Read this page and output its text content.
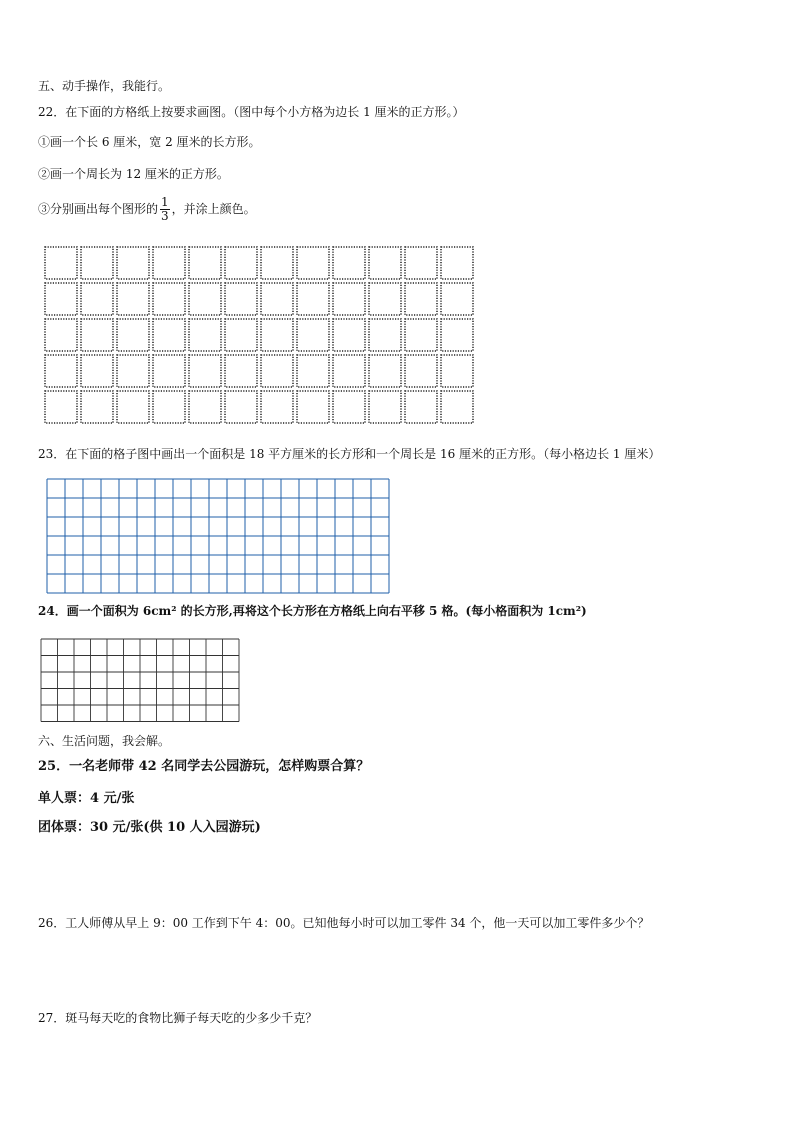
五、动手操作，我能行。
22．在下面的方格纸上按要求画图。（图中每个小方格为边长 1 厘米的正方形。）
①画一个长 6 厘米，宽 2 厘米的长方形。
②画一个周长为 12 厘米的正方形。
③分别画出每个图形的 $\frac{1}{3}$ ，并涂上颜色。
23．在下面的格子图中画出一个面积是 18 平方厘米的长方形和一个周长是 16 厘米的正方形。（每小格边长 1 厘米）
24．画一个面积为 6cm² 的长方形,再将这个长方形在方格纸上向右平移 5 格。(每小格面积为 1cm²)
六、生活问题，我会解。
25．一名老师带 42 名同学去公园游玩，怎样购票合算？
单人票：4 元/张
团体票：30 元/张(供 10 人入园游玩)
26．工人师傅从早上 9：00 工作到下午 4：00。已知他每小时可以加工零件 34 个，他一天可以加工零件多少个？
27．斑马每天吃的食物比狮子每天吃的少多少千克？
